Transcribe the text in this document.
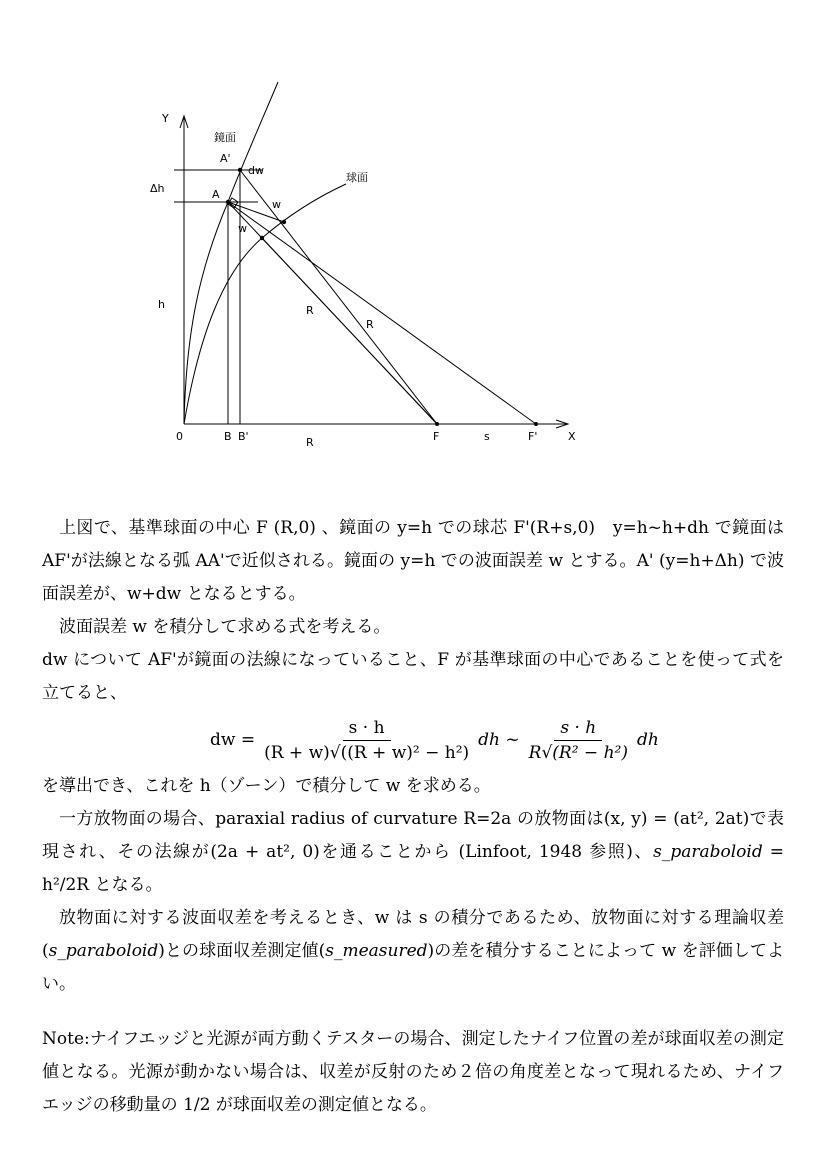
Y
X
鏡面
球面
A'
A
dw
w
w
Δh
h	R
R
R
0	B B'	F	s	F'

上図で、基準球面の中心 F (R,0) 、鏡面の y=h での球芯 F'(R+s,0)　y=h~h+dh で鏡面は AF'が法線となる弧 AA'で近似される。鏡面の y=h での波面誤差 w とする。A' (y=h+Δh) で波面誤差が、w+dw となるとする。

波面誤差 w を積分して求める式を考える。

dw について AF'が鏡面の法線になっていること、F が基準球面の中心であることを使って式を立てると、

dw = $\frac{s \cdot h}{\text{(R + w)√((R + w)² − h²)}}$ dh ~ $\frac{s \cdot h}{\text{R√(R² − h²)}}$ dh

を導出でき、これを h（ゾーン）で積分して w を求める。

一方放物面の場合、paraxial radius of curvature R=2a の放物面は(x, y) = (at², 2at)で表現され、その法線が(2a + at², 0)を通ることから (Linfoot, 1948 参照)、s_paraboloid = h²/2R となる。

放物面に対する波面収差を考えるとき、w は s の積分であるため、放物面に対する理論収差(s_paraboloid)との球面収差測定値(s_measured)の差を積分することによって w を評価してよい。

Note:ナイフエッジと光源が両方動くテスターの場合、測定したナイフ位置の差が球面収差の測定値となる。光源が動かない場合は、収差が反射のため２倍の角度差となって現れるため、ナイフエッジの移動量の 1/2 が球面収差の測定値となる。
